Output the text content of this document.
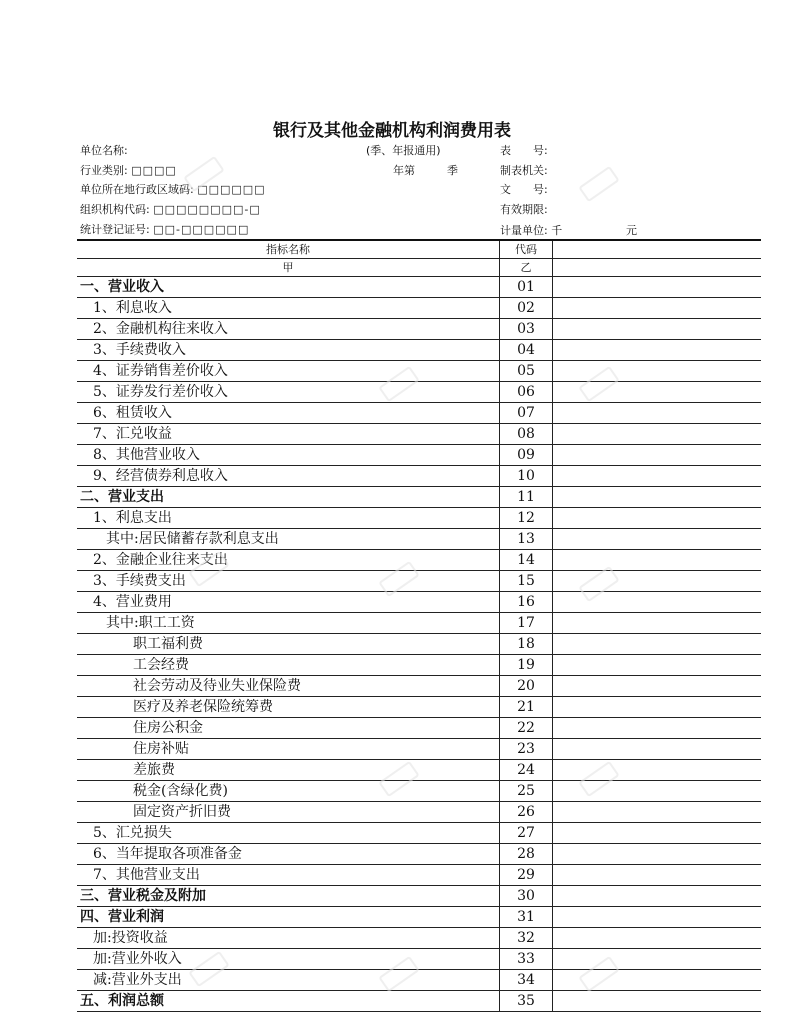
银行及其他金融机构利润费用表
单位名称:
行业类别: □□□□
单位所在地行政区域码: □□□□□□
组织机构代码: □□□□□□□□-□
统计登记证号: □□-□□□□□□
(季、年报通用)
年第	季
表　　号:
制表机关:
文　　号:
有效期限:
计量单位: 千	元
指标名称	代码	
甲	乙	
一、营业收入	01	
1、利息收入	02	
2、金融机构往来收入	03	
3、手续费收入	04	
4、证券销售差价收入	05	
5、证券发行差价收入	06	
6、租赁收入	07	
7、汇兑收益	08	
8、其他营业收入	09	
9、经营债券利息收入	10	
二、营业支出	11	
1、利息支出	12	
其中:居民储蓄存款利息支出	13	
2、金融企业往来支出	14	
3、手续费支出	15	
4、营业费用	16	
其中:职工工资	17	
职工福利费	18	
工会经费	19	
社会劳动及待业失业保险费	20	
医疗及养老保险统筹费	21	
住房公积金	22	
住房补贴	23	
差旅费	24	
税金(含绿化费)	25	
固定资产折旧费	26	
5、汇兑损失	27	
6、当年提取各项准备金	28	
7、其他营业支出	29	
三、营业税金及附加	30	
四、营业利润	31	
加:投资收益	32	
加:营业外收入	33	
减:营业外支出	34	
五、利润总额	35	
